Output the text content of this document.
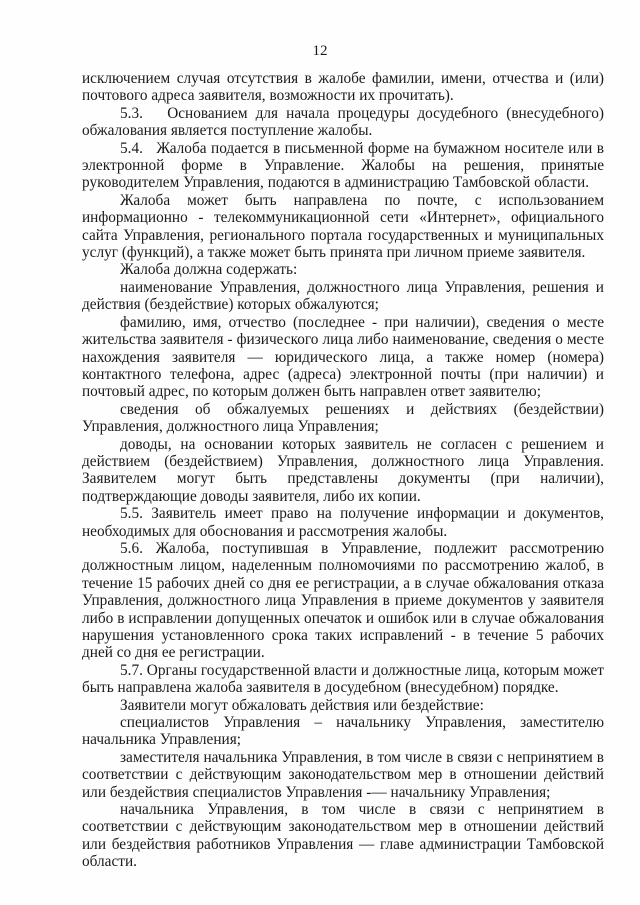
12

исключением случая отсутствия в жалобе фамилии, имени, отчества и (или) почтового адреса заявителя, возможности их прочитать).

5.3.   Основанием для начала процедуры досудебного (внесудебного) обжалования является поступление жалобы.

5.4.   Жалоба подается в письменной форме на бумажном носителе или в электронной форме в Управление. Жалобы на решения, принятые руководителем Управления, подаются в администрацию Тамбовской области.

Жалоба может быть направлена по почте, с использованием информационно - телекоммуникационной сети «Интернет», официального сайта Управления, регионального портала государственных и муниципальных услуг (функций), а также может быть принята при личном приеме заявителя.

Жалоба должна содержать:

наименование Управления, должностного лица Управления, решения и действия (бездействие) которых обжалуются;

фамилию, имя, отчество (последнее - при наличии), сведения о месте жительства заявителя - физического лица либо наименование, сведения о месте нахождения заявителя — юридического лица, а также номер (номера) контактного телефона, адрес (адреса) электронной почты (при наличии) и почтовый адрес, по которым должен быть направлен ответ заявителю;

сведения об обжалуемых решениях и действиях (бездействии) Управления, должностного лица Управления;

доводы, на основании которых заявитель не согласен с решением и действием (бездействием) Управления, должностного лица Управления. Заявителем могут быть представлены документы (при наличии), подтверждающие доводы заявителя, либо их копии.

5.5. Заявитель имеет право на получение информации и документов, необходимых для обоснования и рассмотрения жалобы.

5.6. Жалоба, поступившая в Управление, подлежит рассмотрению должностным лицом, наделенным полномочиями по рассмотрению жалоб, в течение 15 рабочих дней со дня ее регистрации, а в случае обжалования отказа Управления, должностного лица Управления в приеме документов у заявителя либо в исправлении допущенных опечаток и ошибок или в случае обжалования нарушения установленного срока таких исправлений - в течение 5 рабочих дней со дня ее регистрации.

5.7. Органы государственной власти и должностные лица, которым может быть направлена жалоба заявителя в досудебном (внесудебном) порядке.

Заявители могут обжаловать действия или бездействие:

специалистов Управления – начальнику Управления, заместителю начальника Управления;

заместителя начальника Управления, в том числе в связи с непринятием в соответствии с действующим законодательством мер в отношении действий или бездействия специалистов Управления -— начальнику Управления;

начальника Управления, в том числе в связи с непринятием в соответствии с действующим законодательством мер в отношении действий или бездействия работников Управления — главе администрации Тамбовской области.
